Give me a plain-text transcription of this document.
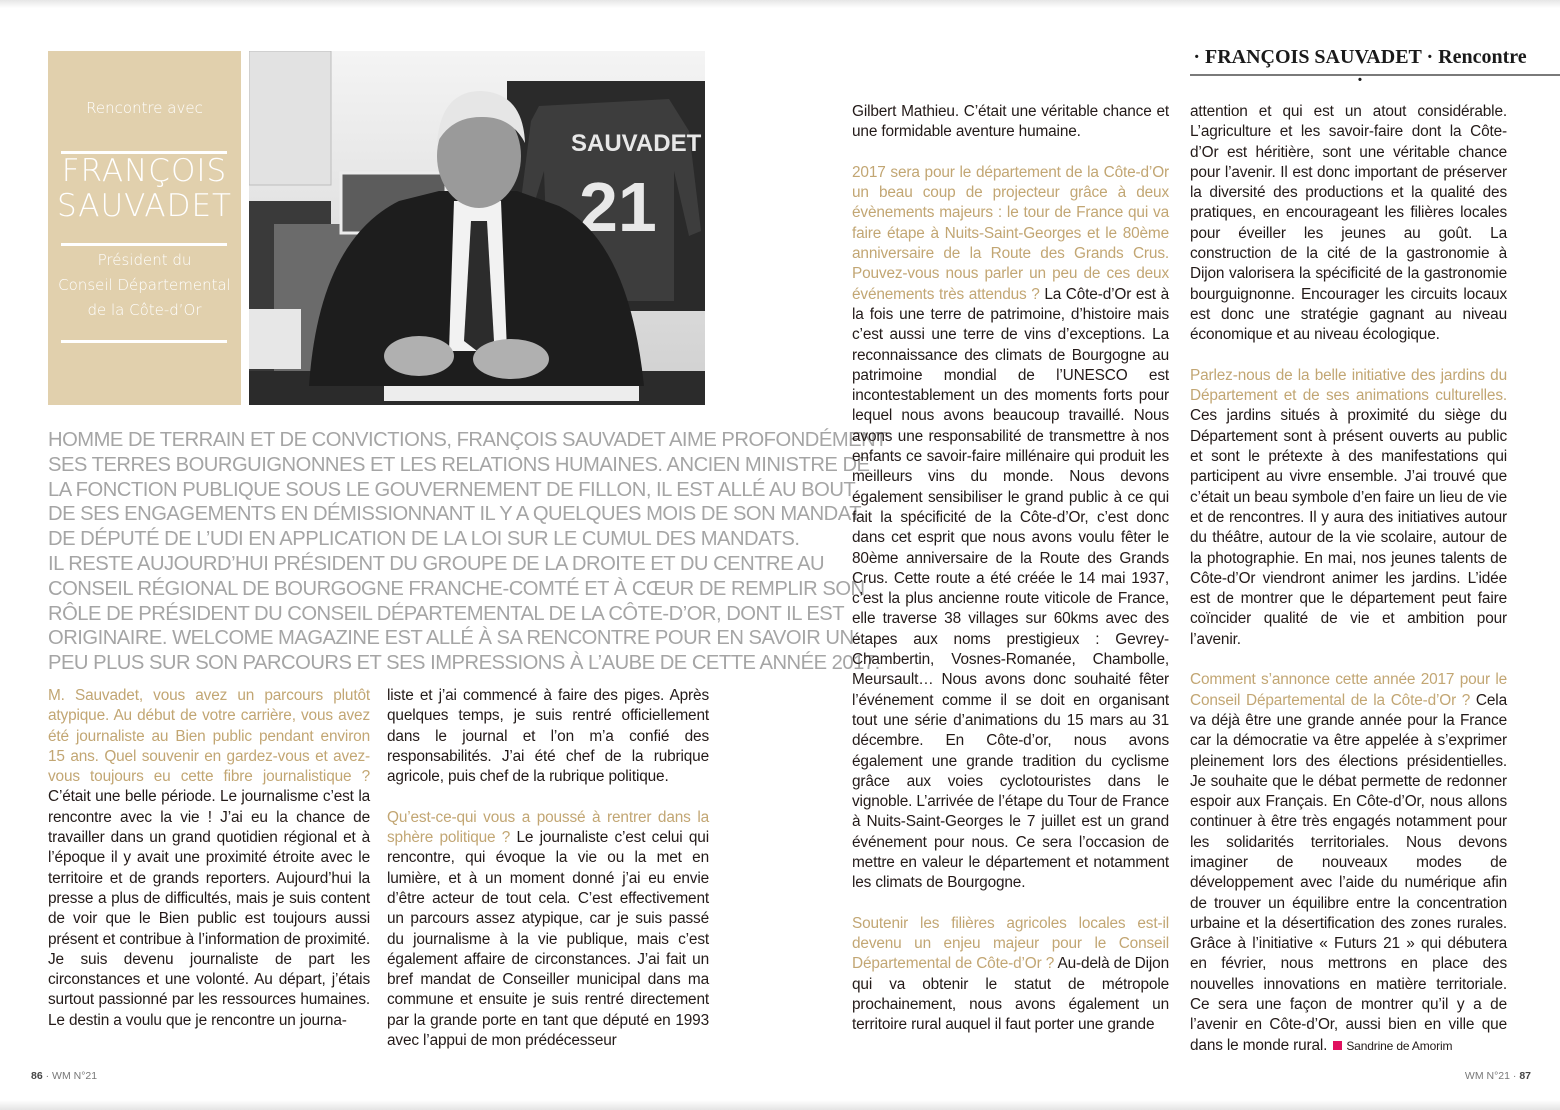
Rencontre avec
FRANÇOIS
SAUVADET
Président du
Conseil Départemental
de la Côte-d’Or
SAUVADET
21
HOMME DE TERRAIN ET DE CONVICTIONS, FRANÇOIS SAUVADET AIME PROFONDÉMENT
SES TERRES BOURGUIGNONNES ET LES RELATIONS HUMAINES. ANCIEN MINISTRE DE
LA FONCTION PUBLIQUE SOUS LE GOUVERNEMENT DE FILLON, IL EST ALLÉ AU BOUT
DE SES ENGAGEMENTS EN DÉMISSIONNANT IL Y A QUELQUES MOIS DE SON MANDAT
DE DÉPUTÉ DE L’UDI EN APPLICATION DE LA LOI SUR LE CUMUL DES MANDATS.
IL RESTE AUJOURD’HUI PRÉSIDENT DU GROUPE DE LA DROITE ET DU CENTRE AU
CONSEIL RÉGIONAL DE BOURGOGNE FRANCHE-COMTÉ ET À CŒUR DE REMPLIR SON
RÔLE DE PRÉSIDENT DU CONSEIL DÉPARTEMENTAL DE LA CÔTE-D’OR, DONT IL EST
ORIGINAIRE. WELCOME MAGAZINE EST ALLÉ À SA RENCONTRE POUR EN SAVOIR UN
PEU PLUS SUR SON PARCOURS ET SES IMPRESSIONS À L’AUBE DE CETTE ANNÉE 2017.

M. Sauvadet, vous avez un parcours plutôt atypique. Au début de votre carrière, vous avez été journaliste au Bien public pendant environ 15 ans. Quel souvenir en gardez-vous et avez-vous toujours eu cette fibre journalistique ? C’était une belle période. Le journalisme c’est la rencontre avec la vie ! J’ai eu la chance de travailler dans un grand quotidien régional et à l’époque il y avait une proximité étroite avec le territoire et de grands reporters. Aujourd’hui la presse a plus de difficultés, mais je suis content de voir que le Bien public est toujours aussi présent et contribue à l’information de proximité. Je suis devenu journaliste de part les circonstances et une volonté. Au départ, j’étais surtout passionné par les ressources humaines. Le destin a voulu que je rencontre un journa-

liste et j’ai commencé à faire des piges. Après quelques temps, je suis rentré officiellement dans le journal et l’on m’a confié des responsabilités. J’ai été chef de la rubrique agricole, puis chef de la rubrique politique.

Qu’est-ce-qui vous a poussé à rentrer dans la sphère politique ? Le journaliste c’est celui qui rencontre, qui évoque la vie ou la met en lumière, et à un moment donné j’ai eu envie d’être acteur de tout cela. C’est effectivement un parcours assez atypique, car je suis passé du journalisme à la vie publique, mais c’est également affaire de circonstances. J’ai fait un bref mandat de Conseiller municipal dans ma commune et ensuite je suis rentré directement par la grande porte en tant que député en 1993 avec l’appui de mon prédécesseur

86 · WM N°21
· FRANÇOIS SAUVADET · Rencontre ·

Gilbert Mathieu. C’était une véritable chance et une formidable aventure humaine.

2017 sera pour le département de la Côte-d’Or un beau coup de projecteur grâce à deux évènements majeurs : le tour de France qui va faire étape à Nuits-Saint-Georges et le 80ème anniversaire de la Route des Grands Crus. Pouvez-vous nous parler un peu de ces deux événements très attendus ? La Côte-d’Or est à la fois une terre de patrimoine, d’histoire mais c’est aussi une terre de vins d’exceptions. La reconnaissance des climats de Bourgogne au patrimoine mondial de l’UNESCO est incontestablement un des moments forts pour lequel nous avons beaucoup travaillé. Nous avons une responsabilité de transmettre à nos enfants ce savoir-faire millénaire qui produit les meilleurs vins du monde. Nous devons également sensibiliser le grand public à ce qui fait la spécificité de la Côte-d’Or, c’est donc dans cet esprit que nous avons voulu fêter le 80ème anniversaire de la Route des Grands Crus. Cette route a été créée le 14 mai 1937, c’est la plus ancienne route viticole de France, elle traverse 38 villages sur 60kms avec des étapes aux noms prestigieux : Gevrey-Chambertin, Vosnes-Romanée, Chambolle, Meursault… Nous avons donc souhaité fêter l’événement comme il se doit en organisant tout une série d’animations du 15 mars au 31 décembre. En Côte-d’or, nous avons également une grande tradition du cyclisme grâce aux voies cyclotouristes dans le vignoble. L’arrivée de l’étape du Tour de France à Nuits-Saint-Georges le 7 juillet est un grand événement pour nous. Ce sera l’occasion de mettre en valeur le département et notamment les climats de Bourgogne.

Soutenir les filières agricoles locales est-il devenu un enjeu majeur pour le Conseil Départemental de Côte-d’Or ? Au-delà de Dijon qui va obtenir le statut de métropole prochainement, nous avons également un territoire rural auquel il faut porter une grande

attention et qui est un atout considérable. L’agriculture et les savoir-faire dont la Côte-d’Or est héritière, sont une véritable chance pour l’avenir. Il est donc important de préserver la diversité des productions et la qualité des pratiques, en encourageant les filières locales pour éveiller les jeunes au goût. La construction de la cité de la gastronomie à Dijon valorisera la spécificité de la gastronomie bourguignonne. Encourager les circuits locaux est donc une stratégie gagnant au niveau économique et au niveau écologique.

Parlez-nous de la belle initiative des jardins du Département et de ses animations culturelles. Ces jardins situés à proximité du siège du Département sont à présent ouverts au public et sont le prétexte à des manifestations qui participent au vivre ensemble. J’ai trouvé que c’était un beau symbole d’en faire un lieu de vie et de rencontres. Il y aura des initiatives autour du théâtre, autour de la vie scolaire, autour de la photographie. En mai, nos jeunes talents de Côte-d’Or viendront animer les jardins. L’idée est de montrer que le département peut faire coïncider qualité de vie et ambition pour l’avenir.

Comment s’annonce cette année 2017 pour le Conseil Départemental de la Côte-d’Or ? Cela va déjà être une grande année pour la France car la démocratie va être appelée à s’exprimer pleinement lors des élections présidentielles. Je souhaite que le débat permette de redonner espoir aux Français. En Côte-d’Or, nous allons continuer à être très engagés notamment pour les solidarités territoriales. Nous devons imaginer de nouveaux modes de développement avec l’aide du numérique afin de trouver un équilibre entre la concentration urbaine et la désertification des zones rurales. Grâce à l’initiative « Futurs 21 » qui débutera en février, nous mettrons en place des nouvelles innovations en matière territoriale. Ce sera une façon de montrer qu’il y a de l’avenir en Côte-d’Or, aussi bien en ville que dans le monde rural. Sandrine de Amorim

WM N°21 · 87
